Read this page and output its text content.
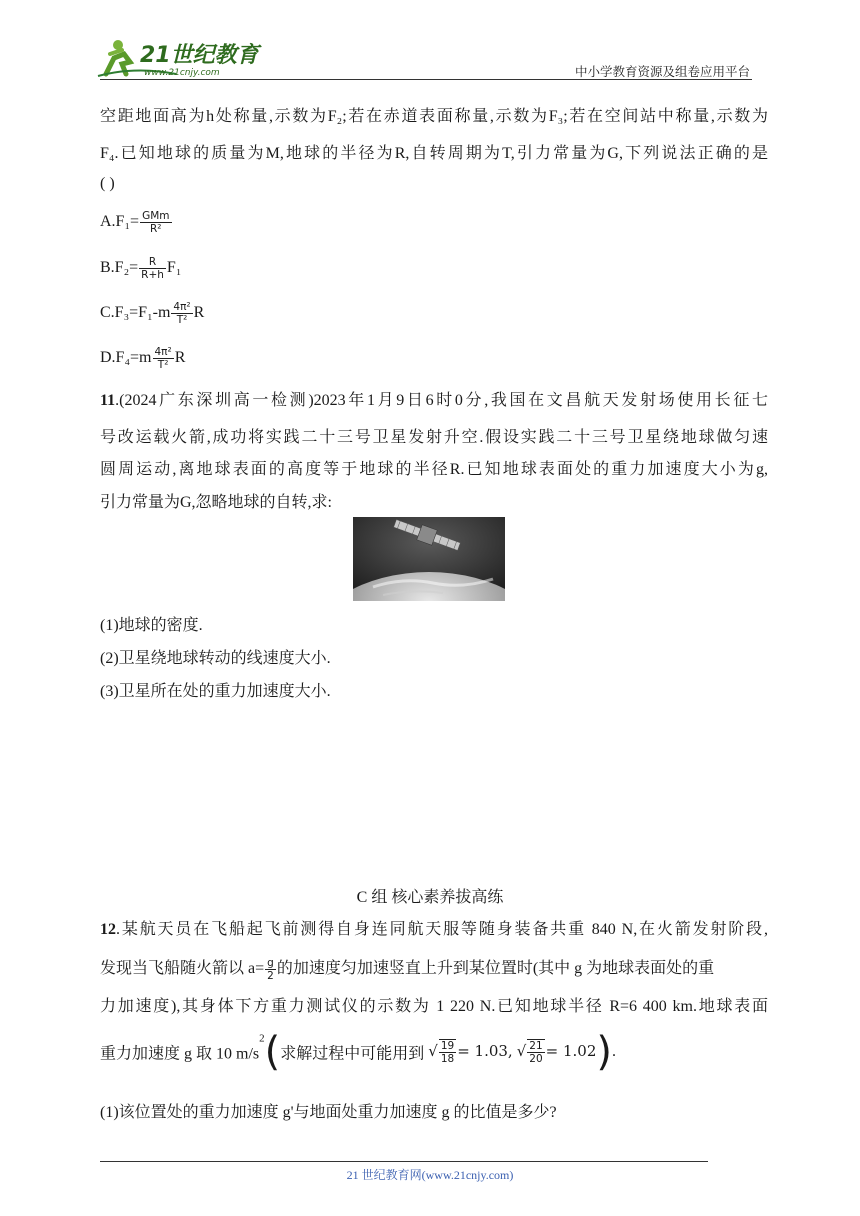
21世纪教育
www.21cnjy.com	中小学教育资源及组卷应用平台
空距地面高为h处称量,示数为F₂;若在赤道表面称量,示数为F₃;若在空间站中称量,示数为
F₄.已知地球的质量为M,地球的半径为R,自转周期为T,引力常量为G,下列说法正确的是
( )
$A.F_1= \frac{\text{GMm}}{\text{R²}}$
$B.F_2= \frac{R}{R+h} F_1$
$C.F_3=F_1-m \frac{\text{4π²}}{\text{T²}}$ R
$D.F_4=m \frac{\text{4π²}}{\text{T²}}$ R
11.(2024广东深圳高一检测)2023年1月9日6时0分,我国在文昌航天发射场使用长征七
号改运载火箭,成功将实践二十三号卫星发射升空.假设实践二十三号卫星绕地球做匀速
圆周运动,离地球表面的高度等于地球的半径R.已知地球表面处的重力加速度大小为g,
引力常量为G,忽略地球的自转,求:
(1)地球的密度.
(2)卫星绕地球转动的线速度大小.
(3)卫星所在处的重力加速度大小.
C 组 核心素养拔高练
12.某航天员在飞船起飞前测得自身连同航天服等随身装备共重 840 N,在火箭发射阶段,
发现当飞船随火箭以 $a= \frac{g}{2}$ 的加速度匀加速竖直上升到某位置时(其中 g 为地球表面处的重
力加速度),其身体下方重力测试仪的示数为 1 220 N.已知地球半径 R=6 400 km.地球表面
重力加速度 g 取 10 $m/s^2$(求解过程中可能用到 √ $\frac{19}{18} = 1.03$, √ $\frac{21}{20} = 1.02$).
(1)该位置处的重力加速度 g'与地面处重力加速度 g 的比值是多少?
21 世纪教育网(www.21cnjy.com)
